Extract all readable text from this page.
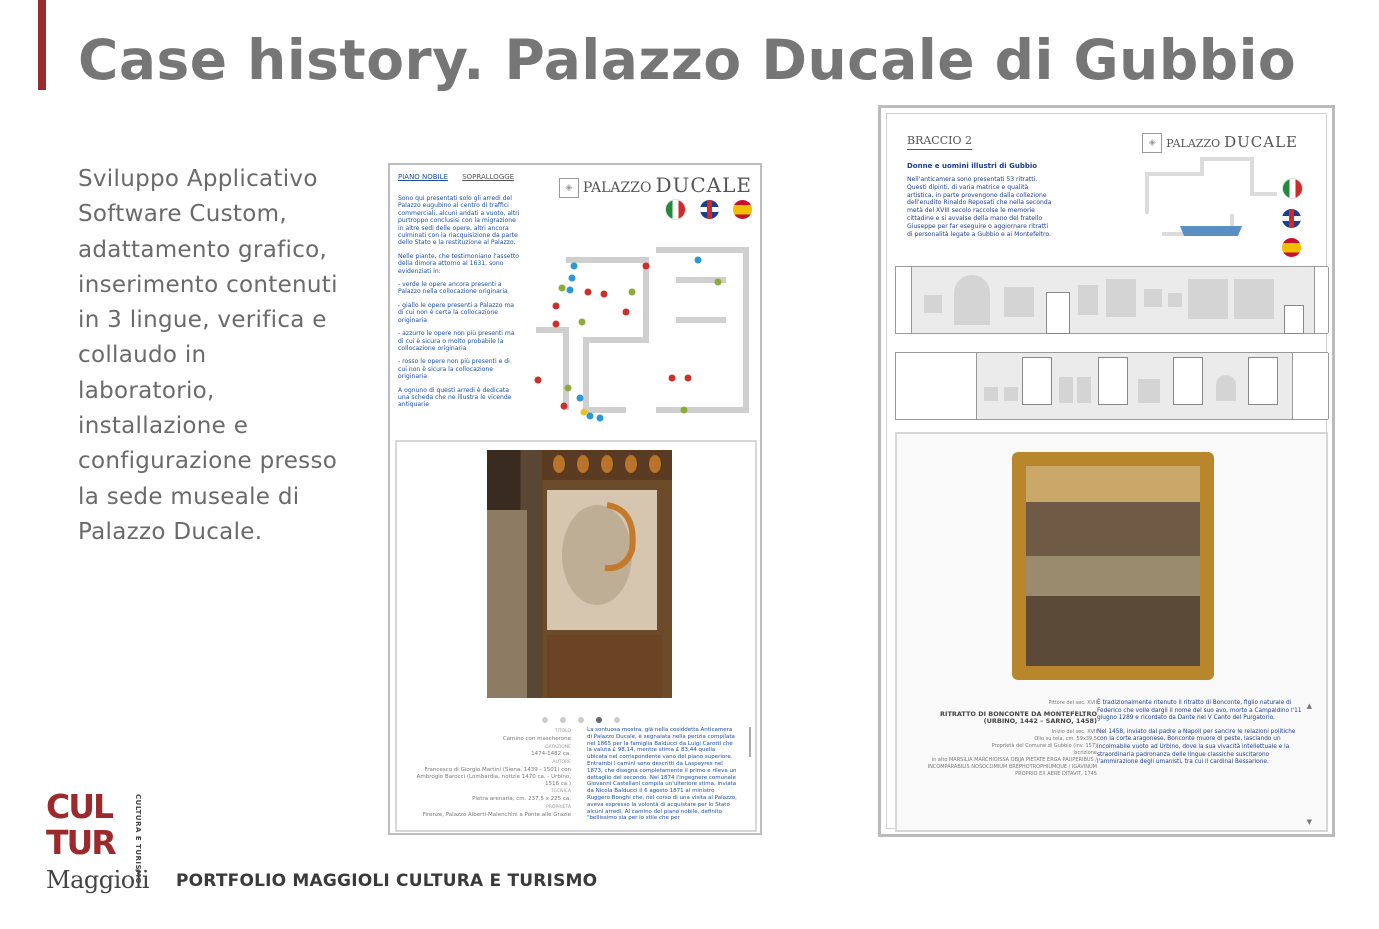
Case history. Palazzo Ducale di Gubbio

Sviluppo Applicativo Software Custom, adattamento grafico, inserimento contenuti in 3 lingue, verifica e collaudo in laboratorio, installazione e configurazione presso la sede museale di Palazzo Ducale.

PIANO NOBILE SOPRALLOGGE

Sono qui presentati solo gli arredi del Palazzo eugubino al centro di traffici commerciali, alcuni andati a vuoto, altri purtroppo conclusisi con la migrazione in altre sedi delle opere, altri ancora culminati con la riacquisizione da parte dello Stato e la restituzione al Palazzo.

Nelle piante, che testimoniano l'assetto della dimora attorno al 1631, sono evidenziati in:

- verde le opere ancora presenti a Palazzo nella collocazione originaria

- giallo le opere presenti a Palazzo ma di cui non è certa la collocazione originaria

- azzurro le opere non più presenti ma di cui è sicura o molto probabile la collocazione originaria

- rosso le opere non più presenti e di cui non è sicura la collocazione originaria

A ognuno di questi arredi è dedicata una scheda che ne illustra le vicende antiquarie

◈ PALAZZO DUCALE

TITOLO
Camino con mascherone
DATAZIONE
1474-1482 ca.
AUTORE
Francesco di Giorgio Martini (Siena, 1439 - 1501) con Ambrogio Barocci (Lombardia, notizie 1470 ca. - Urbino, 1516 ca.)
TECNICA
Pietra arenaria, cm. 237,5 x 225 ca.
PROPRIETÀ
Firenze, Palazzo Alberti-Malenchini a Ponte alle Grazie
La sontuosa mostra, già nella cosiddetta Anticamera di Palazzo Ducale, è segnalata nella perizia compilata nel 1865 per la famiglia Balducci da Luigi Carotti che la valuta £ 98,14, mentre stima £ 83,44 quella ubicata nel corrispondente vano del piano superiore. Entrambi i camini sono descritti da Laspeyres nel 1873, che disegna completamente il primo e rileva un dettaglio del secondo. Nel 1874 l'ingegnere comunale Giovanni Castellani compila un'ulteriore stima, inviata da Nicola Balducci il 6 agosto 1871 al ministro Ruggero Bonghi che, nel corso di una visita al Palazzo, aveva espresso la volontà di acquistare per lo Stato alcuni arredi. Al camino del piano nobile, definito "bellissimo sia per lo stile che per
BRACCIO 2	◈ PALAZZO DUCALE
Donne e uomini illustri di Gubbio
Nell'anticamera sono presentati 53 ritratti. Questi dipinti, di varia matrice e qualità artistica, in parte provengono dalla collezione dell'erudito Rinaldo Reposati che nella seconda metà del XVIII secolo raccolse le memorie cittadine e si avvalse della mano del fratello Giuseppe per far eseguire o aggiornare ritratti di personalità legate a Gubbio e ai Montefeltro.
Pittore del sec. XVII
RITRATTO DI BONCONTE DA MONTEFELTRO (URBINO, 1442 – SARNO, 1458)
Inizio del sec. XVII
Olio su tela, cm. 59x39,5
Proprietà del Comune di Gubbio (inv. 157)
Iscrizione
in alto MARSILIA MARCHIOISSA OBIJA PIETATE ERGA PAUPERIBUS / INCOMPARABILIS NOSOCOMIUM BREPHOTROPHIUMQUE / IGAVINUM PROPRIO EX AERE DITAVIT, 1745

È tradizionalmente ritenuto il ritratto di Bonconte, figlio naturale di Federico che volle dargli il nome del suo avo, morto a Campaldino l'11 giugno 1289 e ricordato da Dante nel V Canto del Purgatorio.

Nel 1458, inviato dal padre a Napoli per sancire le relazioni politiche con la corte aragonese, Bonconte muore di peste, lasciando un incolmabile vuoto ad Urbino, dove la sua vivacità intellettuale e la straordinaria padronanza delle lingue classiche suscitarono l'ammirazione degli umanisti, tra cui il cardinal Bessarione.

▲
▼
CUL
TUR	CULTURA E TURISMO
Maggioli PORTFOLIO MAGGIOLI CULTURA E TURISMO
